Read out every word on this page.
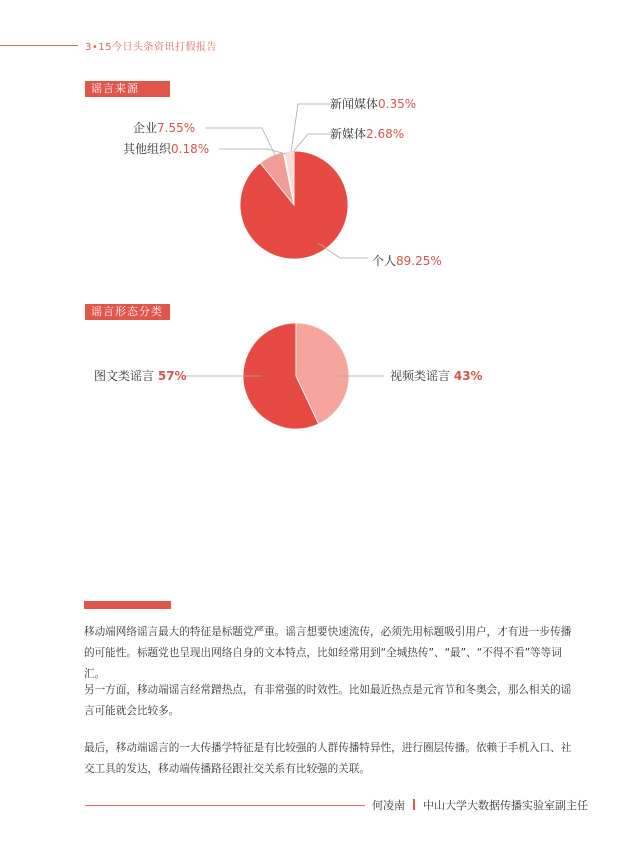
3•15今日头条资讯打假报告
谣言来源
新闻媒体0.35%
新媒体2.68%
企业7.55%
其他组织0.18%
个人89.25%
谣言形态分类
图文类谣言 57%	视频类谣言 43%
移动端网络谣言最大的特征是标题党严重。谣言想要快速流传，必须先用标题吸引用户，才有进一步传播的可能性。标题党也呈现出网络自身的文本特点，比如经常用到“全城热传”、“最”、“不得不看”等等词汇。
另一方面，移动端谣言经常蹭热点，有非常强的时效性。比如最近热点是元宵节和冬奥会，那么相关的谣言可能就会比较多。
最后，移动端谣言的一大传播学特征是有比较强的人群传播特异性，进行圈层传播。依赖于手机入口、社交工具的发达，移动端传播路径跟社交关系有比较强的关联。
何凌南 中山大学大数据传播实验室副主任
